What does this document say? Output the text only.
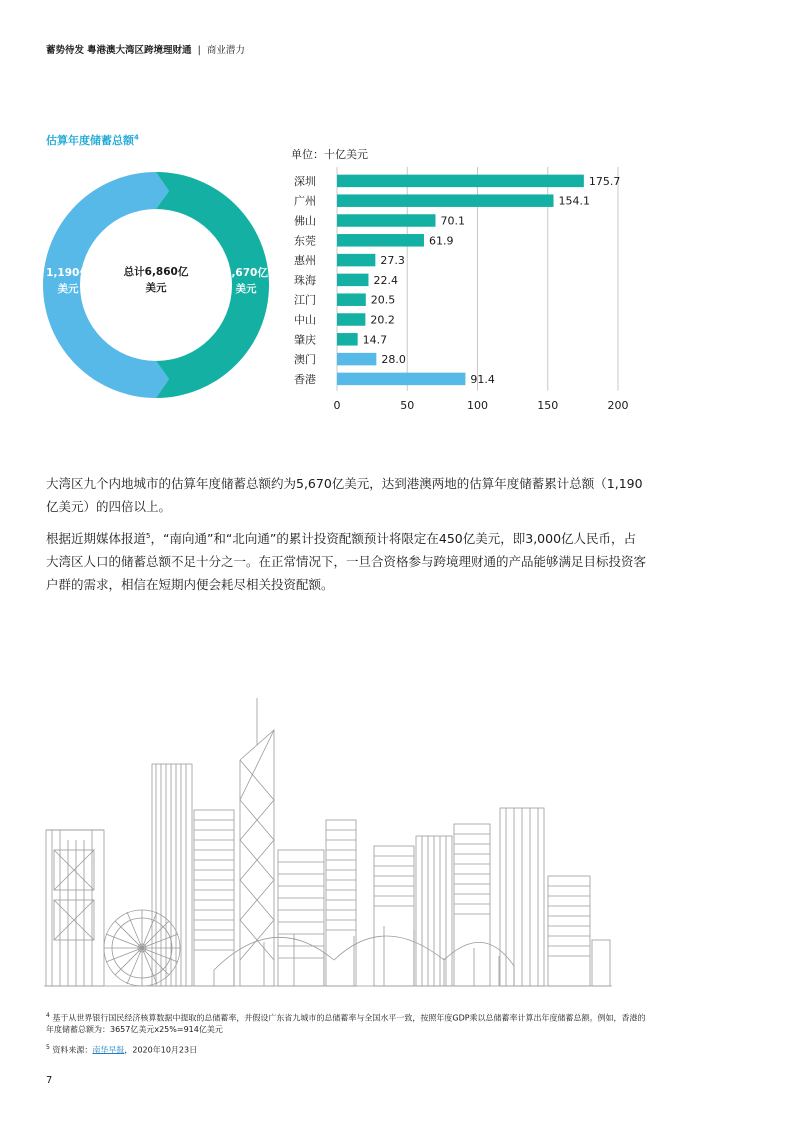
蓄势待发 粤港澳大湾区跨境理财通 | 商业潜力
估算年度储蓄总额$^4$
总计6,860亿
美元
1,190亿
美元
5,670亿
美元
单位：十亿美元
0	50	100	150	200
深圳	175.7
广州	154.1
佛山	70.1
东莞	61.9
惠州	27.3
珠海	22.4
江门	20.5
中山	20.2
肇庆	14.7
澳门	28.0
香港	91.4
大湾区九个内地城市的估算年度储蓄总额约为5,670亿美元，达到港澳两地的估算年度储蓄累计总额（1,190亿美元）的四倍以上。
根据近期媒体报道$^5$，“南向通”和“北向通”的累计投资配额预计将限定在450亿美元，即3,000亿人民币，占大湾区人口的储蓄总额不足十分之一。在正常情况下，一旦合资格参与跨境理财通的产品能够满足目标投资客户群的需求，相信在短期内便会耗尽相关投资配额。

$^4$ 基于从世界银行国民经济核算数据中提取的总储蓄率，并假设广东省九城市的总储蓄率与全国水平一致，按照年度GDP乘以总储蓄率计算出年度储蓄总额。例如，香港的年度储蓄总额为：3657亿美元x25%=914亿美元

$^5$ 资料来源：南华早报，2020年10月23日

7
